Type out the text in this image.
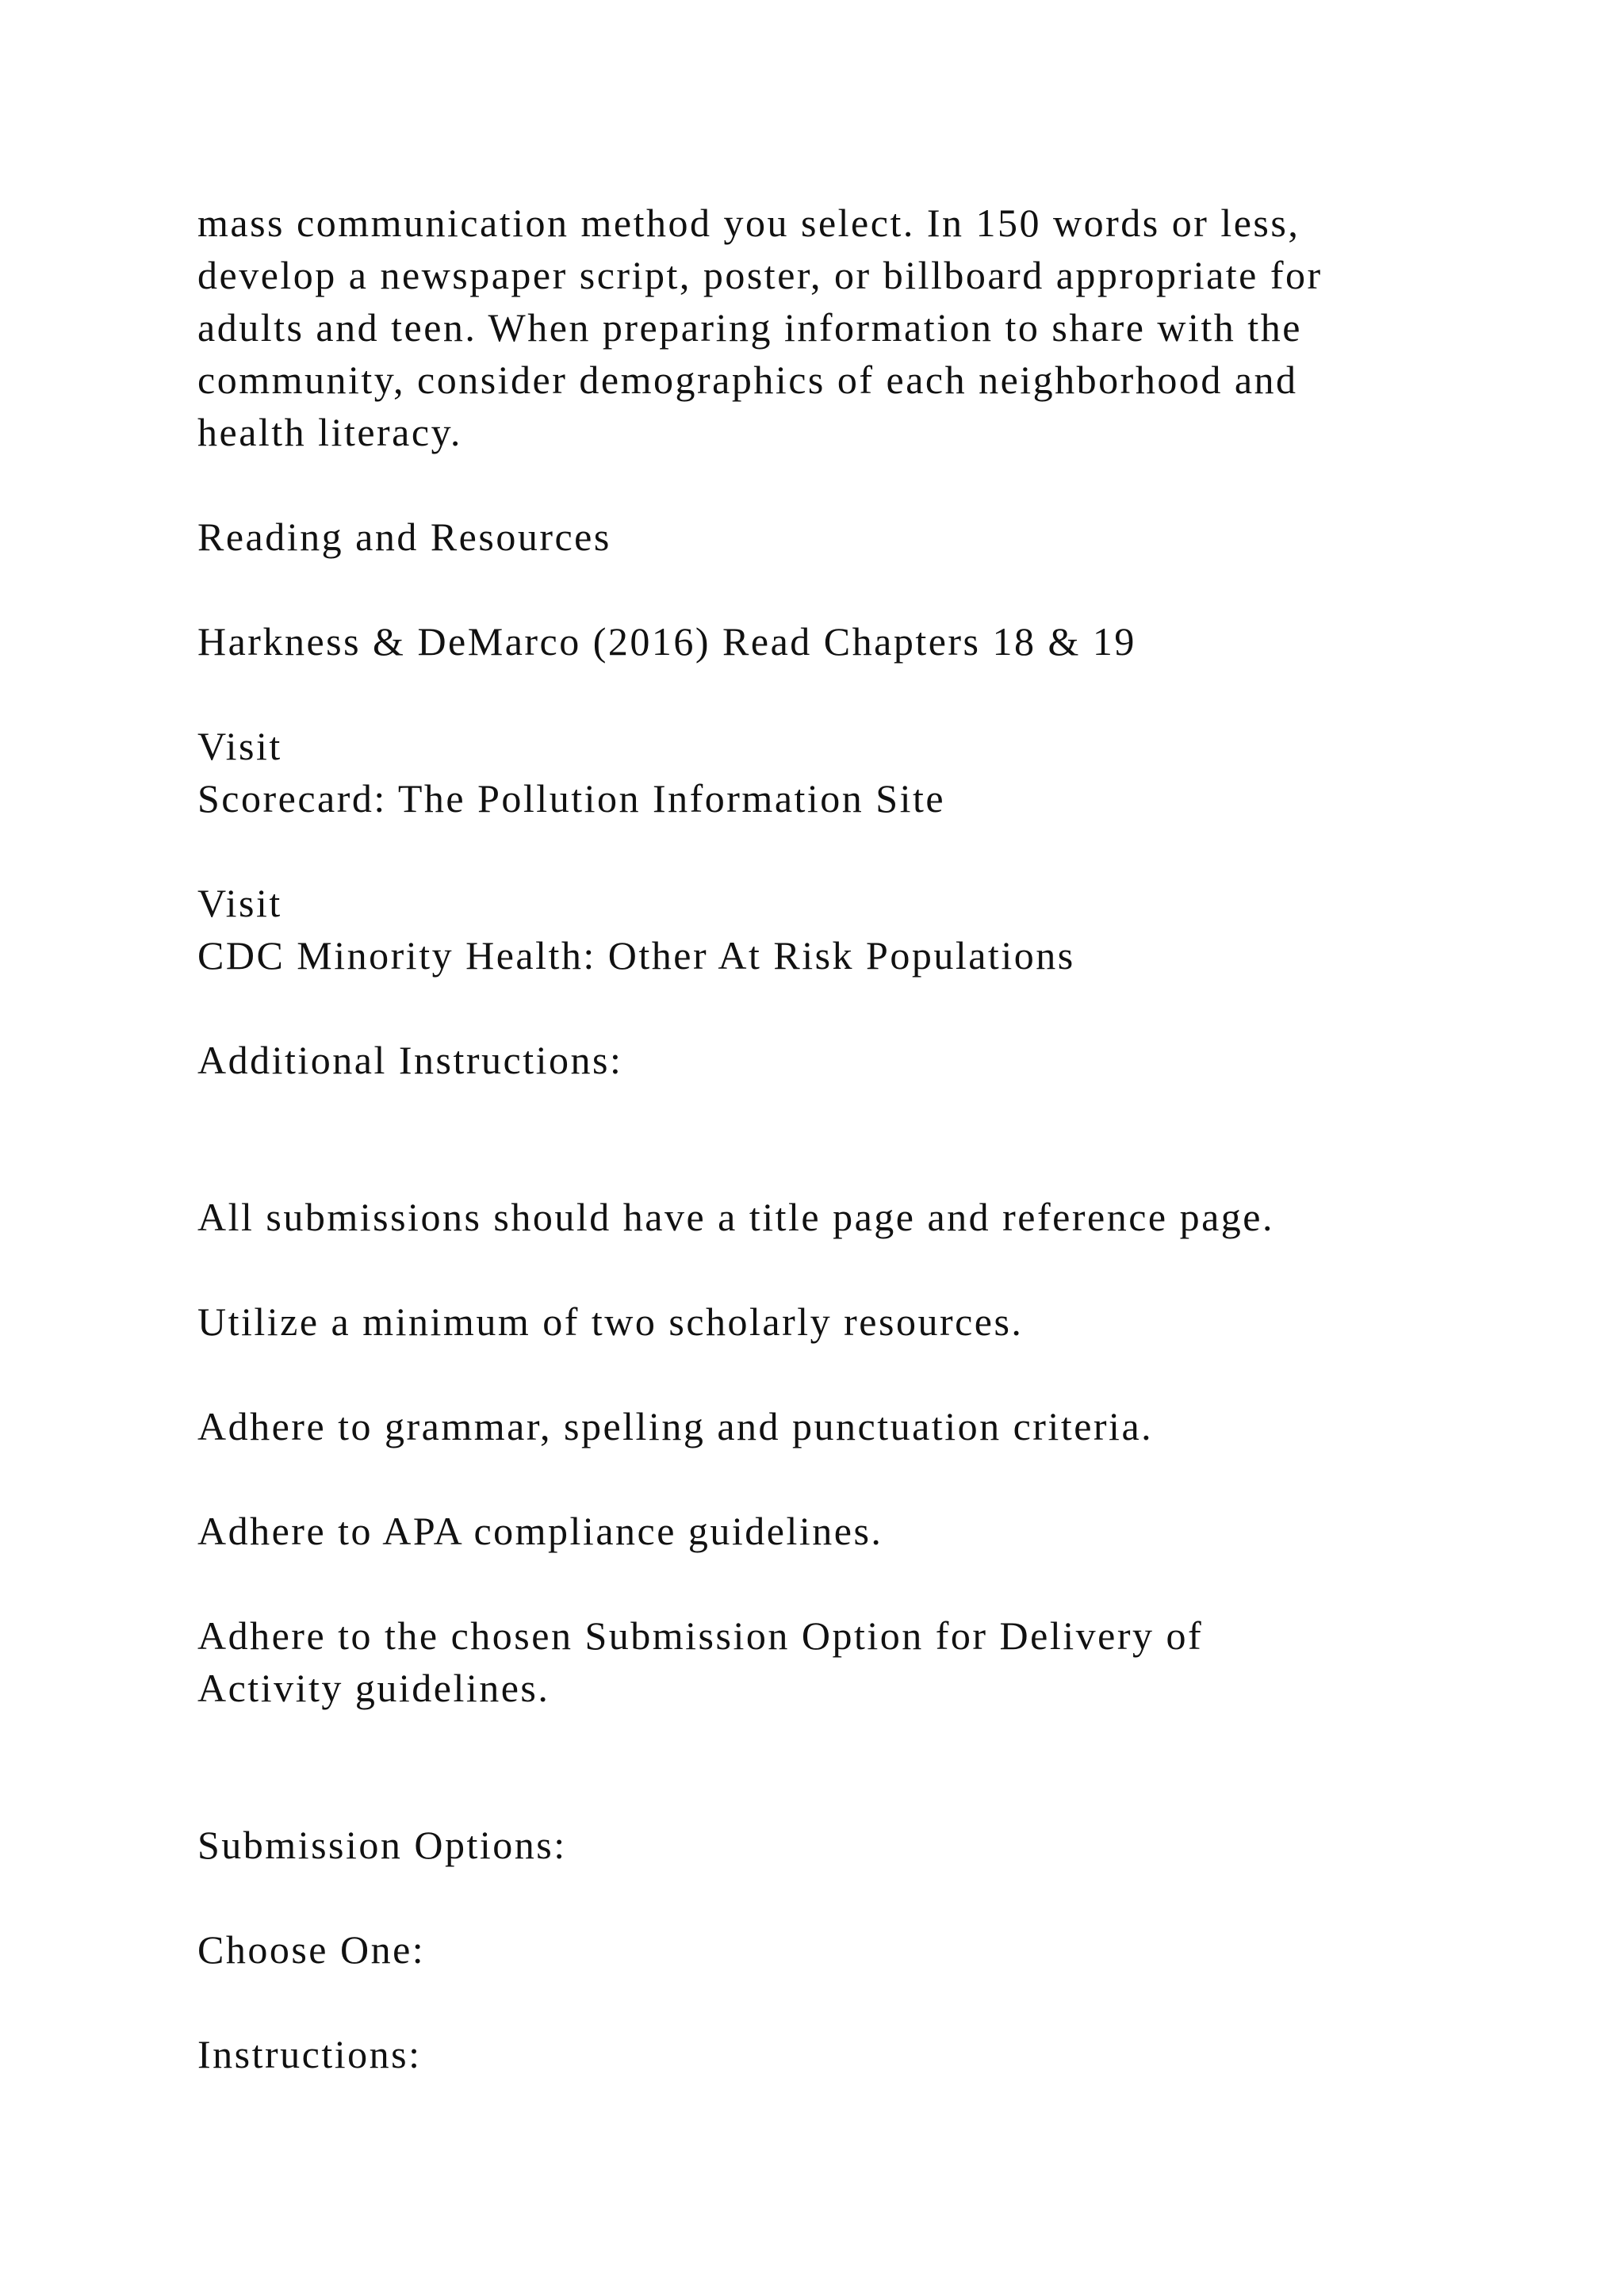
mass communication method you select. In 150 words or less,
develop a newspaper script, poster, or billboard appropriate for
adults and teen. When preparing information to share with the
community, consider demographics of each neighborhood and
health literacy.
Reading and Resources
Harkness & DeMarco (2016) Read Chapters 18 & 19
Visit
Scorecard: The Pollution Information Site
Visit
CDC Minority Health: Other At Risk Populations
Additional Instructions:
All submissions should have a title page and reference page.
Utilize a minimum of two scholarly resources.
Adhere to grammar, spelling and punctuation criteria.
Adhere to APA compliance guidelines.
Adhere to the chosen Submission Option for Delivery of
Activity guidelines.
Submission Options:
Choose One:
Instructions:
